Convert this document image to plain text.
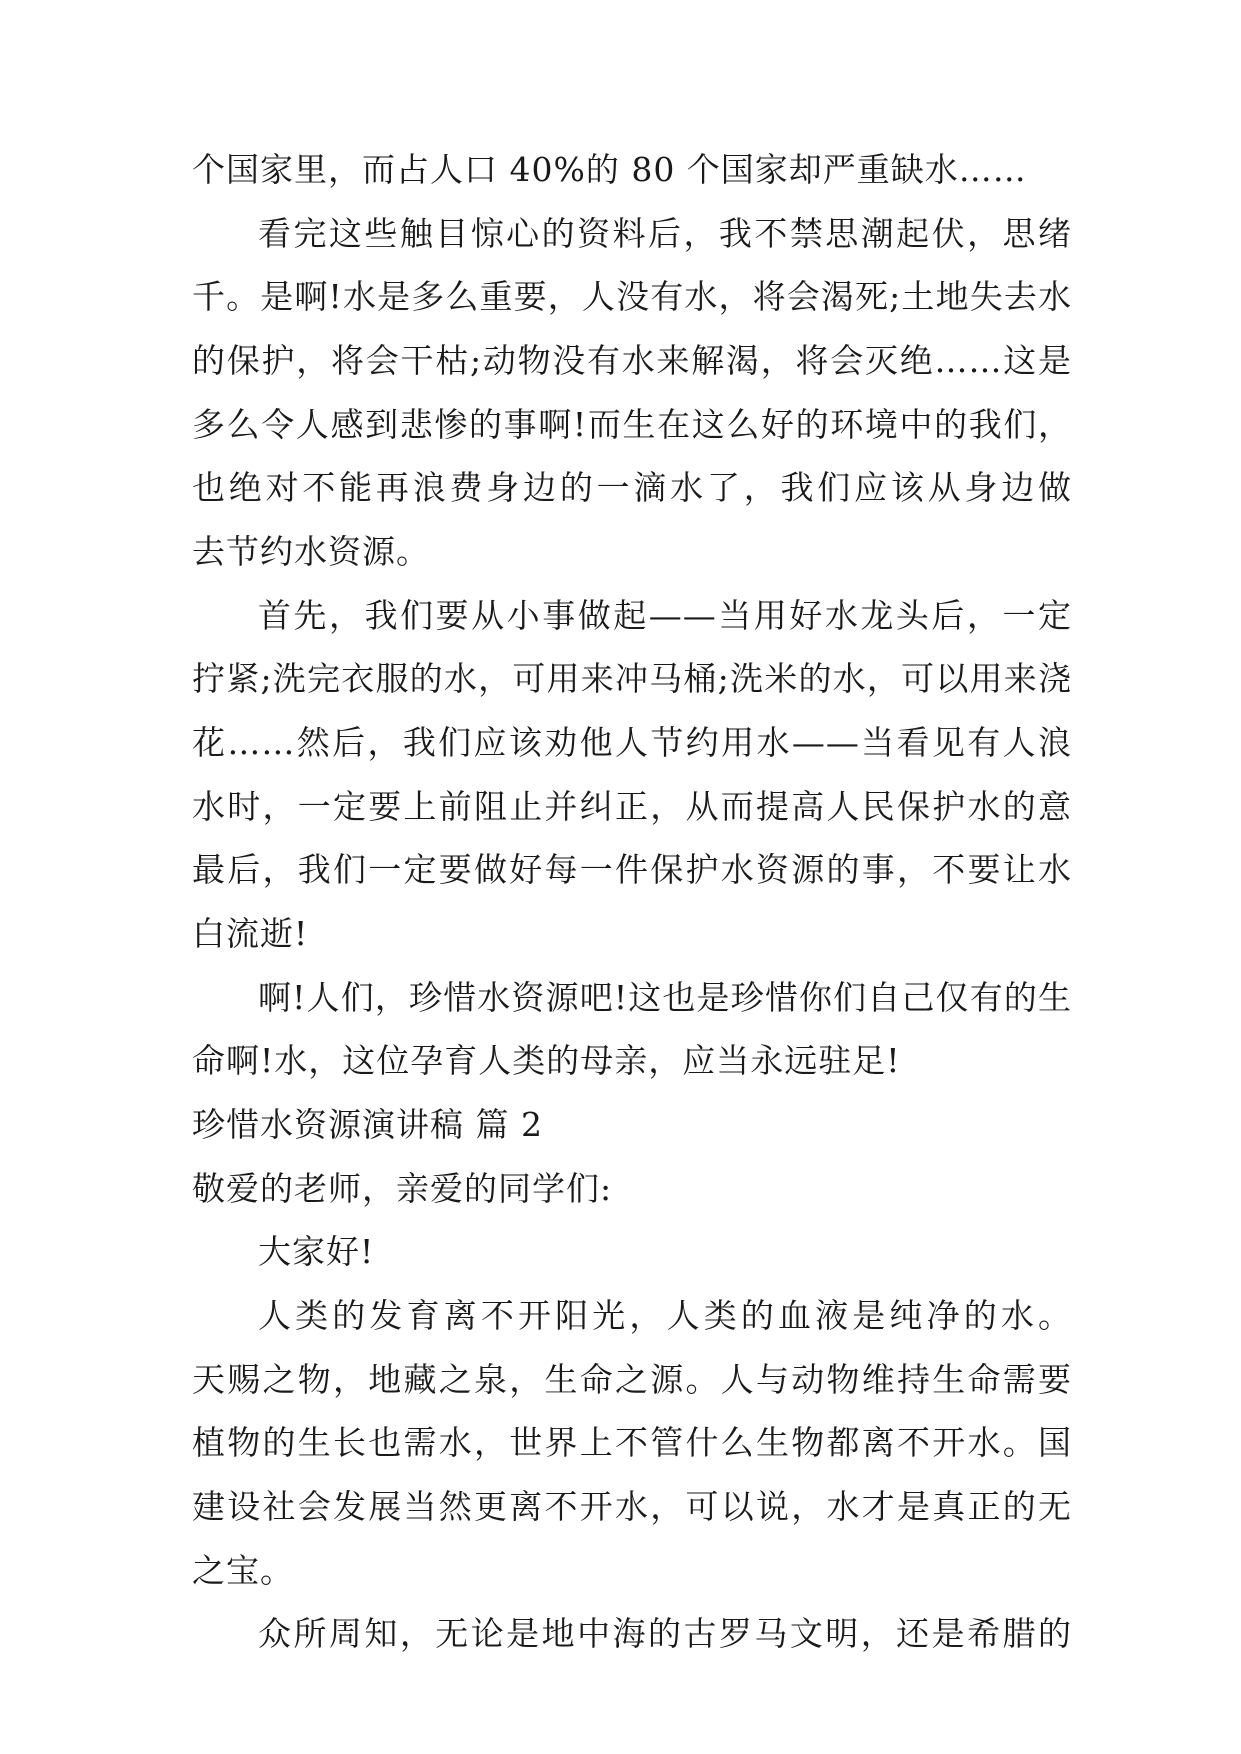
个国家里，而占人口 40%的 80 个国家却严重缺水……
看完这些触目惊心的资料后，我不禁思潮起伏，思绪
千。是啊!水是多么重要，人没有水，将会渴死;土地失去水
的保护，将会干枯;动物没有水来解渴，将会灭绝……这是
多么令人感到悲惨的事啊!而生在这么好的环境中的我们，
也绝对不能再浪费身边的一滴水了，我们应该从身边做
去节约水资源。
首先，我们要从小事做起——当用好水龙头后，一定
拧紧;洗完衣服的水，可用来冲马桶;洗米的水，可以用来浇
花……然后，我们应该劝他人节约用水——当看见有人浪
水时，一定要上前阻止并纠正，从而提高人民保护水的意
最后，我们一定要做好每一件保护水资源的事，不要让水
白流逝!
啊!人们，珍惜水资源吧!这也是珍惜你们自己仅有的生
命啊!水，这位孕育人类的母亲，应当永远驻足!
珍惜水资源演讲稿 篇 2
敬爱的老师，亲爱的同学们:
大家好!
人类的发育离不开阳光，人类的血液是纯净的水。
天赐之物，地藏之泉，生命之源。人与动物维持生命需要
植物的生长也需水，世界上不管什么生物都离不开水。国
建设社会发展当然更离不开水，可以说，水才是真正的无
之宝。
众所周知，无论是地中海的古罗马文明，还是希腊的
